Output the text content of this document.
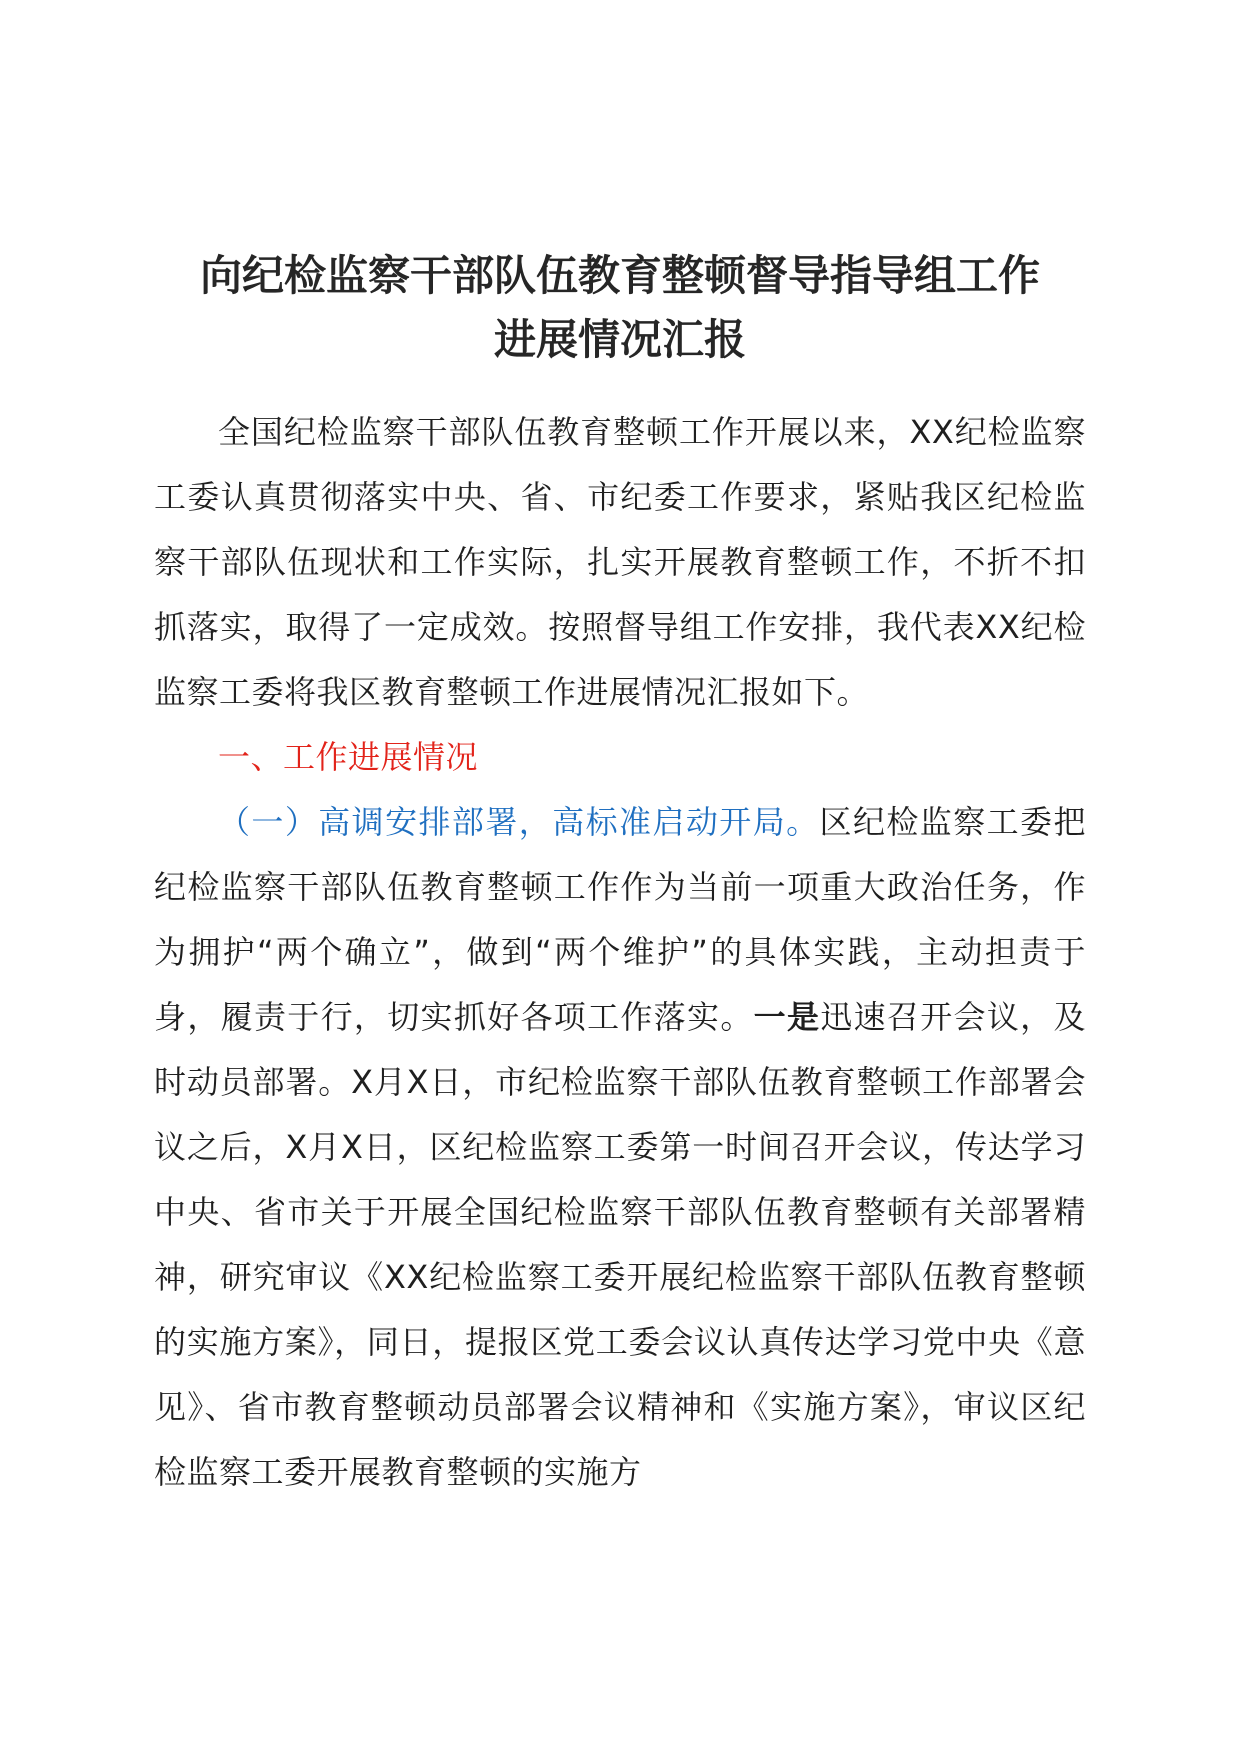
向纪检监察干部队伍教育整顿督导指导组工作
进展情况汇报

全国纪检监察干部队伍教育整顿工作开展以来，XX纪检监察工委认真贯彻落实中央、省、市纪委工作要求，紧贴我区纪检监察干部队伍现状和工作实际，扎实开展教育整顿工作，不折不扣抓落实，取得了一定成效。按照督导组工作安排，我代表XX纪检监察工委将我区教育整顿工作进展情况汇报如下。

一、工作进展情况

（一）高调安排部署，高标准启动开局。区纪检监察工委把纪检监察干部队伍教育整顿工作作为当前一项重大政治任务，作为拥护“两个确立”，做到“两个维护”的具体实践，主动担责于身，履责于行，切实抓好各项工作落实。一是迅速召开会议，及时动员部署。X月X日，市纪检监察干部队伍教育整顿工作部署会议之后，X月X日，区纪检监察工委第一时间召开会议，传达学习中央、省市关于开展全国纪检监察干部队伍教育整顿有关部署精神，研究审议《XX纪检监察工委开展纪检监察干部队伍教育整顿的实施方案》，同日，提报区党工委会议认真传达学习党中央《意见》、省市教育整顿动员部署会议精神和《实施方案》，审议区纪检监察工委开展教育整顿的实施方
